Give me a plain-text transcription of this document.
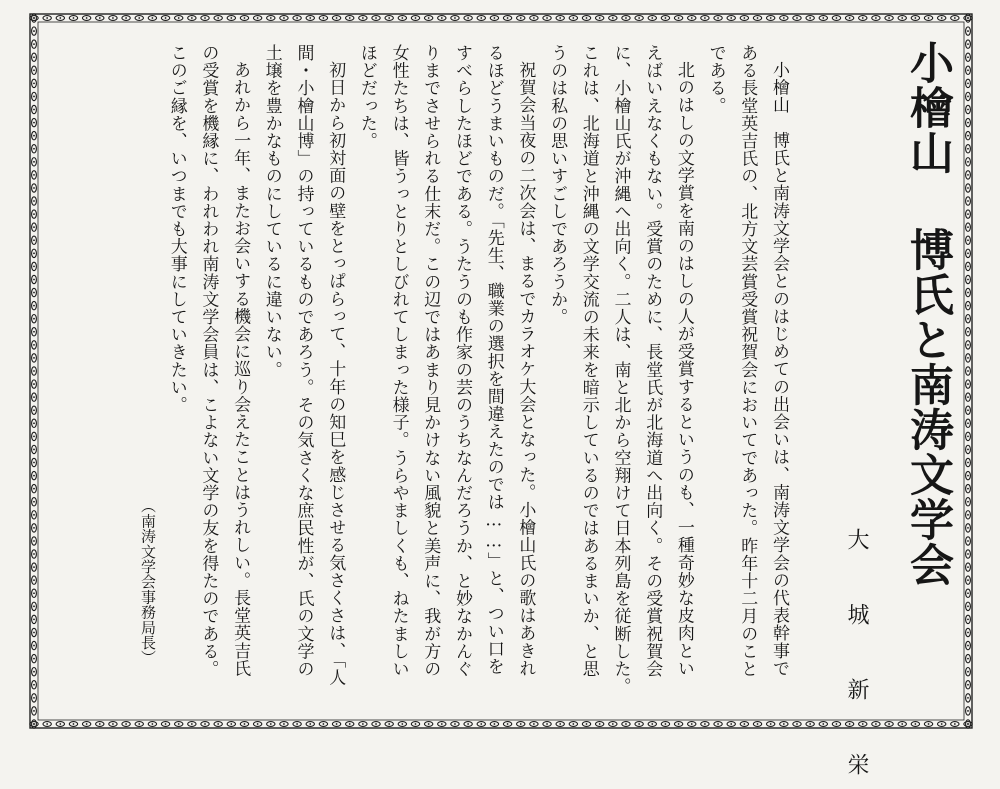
小檜山 博氏と南涛文学会
大 城 新 栄
小檜山　博氏と南涛文学会とのはじめての出会いは、南涛文学会の代表幹事で
ある長堂英吉氏の、北方文芸賞受賞祝賀会においてであった。昨年十二月のこと
である。
北のはしの文学賞を南のはしの人が受賞するというのも、一種奇妙な皮肉とい
えばいえなくもない。受賞のために、長堂氏が北海道へ出向く。その受賞祝賀会
に、小檜山氏が沖縄へ出向く。二人は、南と北から空翔けて日本列島を従断した。
これは、北海道と沖縄の文学交流の未来を暗示しているのではあるまいか、と思
うのは私の思いすごしであろうか。
祝賀会当夜の二次会は、まるでカラオケ大会となった。小檜山氏の歌はあきれ
るほどうまいものだ。「先生、職業の選択を間違えたのでは……」と、つい口を
すべらしたほどである。うたうのも作家の芸のうちなんだろうか、と妙なかんぐ
りまでさせられる仕末だ。この辺ではあまり見かけない風貌と美声に、我が方の
女性たちは、皆うっとりとしびれてしまった様子。うらやましくも、ねたましい
ほどだった。
初日から初対面の壁をとっぱらって、十年の知巳を感じさせる気さくさは、「人
間・小檜山博」の持っているものであろう。その気さくな庶民性が、氏の文学の
土壌を豊かなものにしているに違いない。
あれから一年、またお会いする機会に巡り会えたことはうれしい。長堂英吉氏
の受賞を機縁に、われわれ南涛文学会員は、こよない文学の友を得たのである。
このご縁を、いつまでも大事にしていきたい。
（南涛文学会事務局長）
